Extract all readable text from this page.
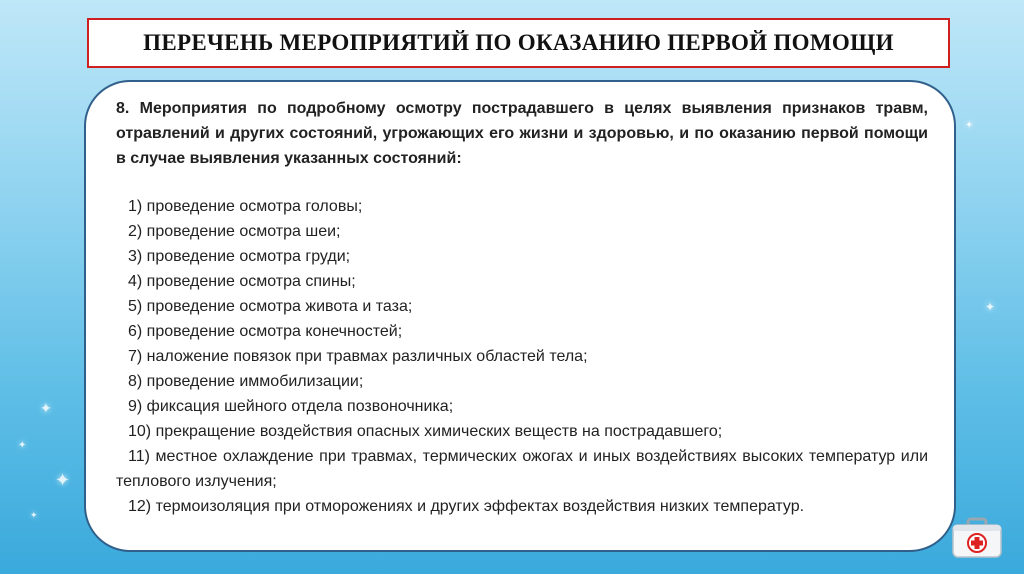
✦
✦
✦
✦
✦
✦
ПЕРЕЧЕНЬ МЕРОПРИЯТИЙ ПО ОКАЗАНИЮ ПЕРВОЙ ПОМОЩИ

8. Мероприятия по подробному осмотру пострадавшего в целях выявления признаков травм, отравлений и других состояний, угрожающих его жизни и здоровью, и по оказанию первой помощи в случае выявления указанных состояний:

1) проведение осмотра головы;
2) проведение осмотра шеи;
3) проведение осмотра груди;
4) проведение осмотра спины;
5) проведение осмотра живота и таза;
6) проведение осмотра конечностей;
7) наложение повязок при травмах различных областей тела;
8) проведение иммобилизации;
9) фиксация шейного отдела позвоночника;
10) прекращение воздействия опасных химических веществ на пострадавшего;
11) местное охлаждение при травмах, термических ожогах и иных воздействиях высоких температур или теплового излучения;
12) термоизоляция при отморожениях и других эффектах воздействия низких температур.
